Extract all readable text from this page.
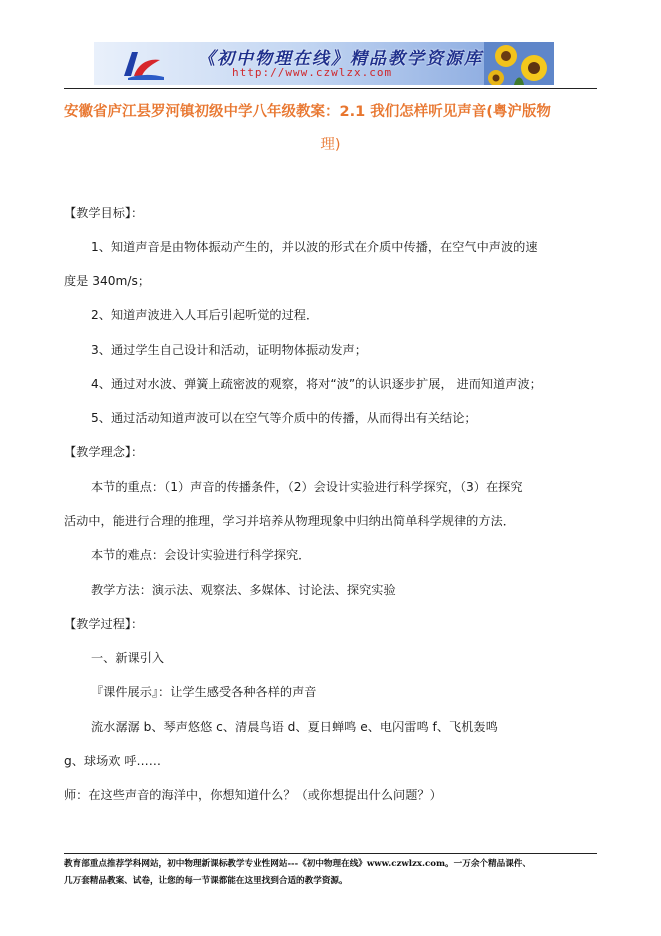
《初中物理在线》精品教学资源库
http://www.czwlzx.com
安徽省庐江县罗河镇初级中学八年级教案：2.1 我们怎样听见声音(粤沪版物
理)
【教学目标】：
1、知道声音是由物体振动产生的，并以波的形式在介质中传播，在空气中声波的速
度是 340m/s；
2、知道声波进入人耳后引起听觉的过程．
3、通过学生自己设计和活动，证明物体振动发声；
4、通过对水波、弹簧上疏密波的观察，将对“波”的认识逐步扩展， 进而知道声波；
5、通过活动知道声波可以在空气等介质中的传播，从而得出有关结论；
【教学理念】：
本节的重点：（1）声音的传播条件，（2）会设计实验进行科学探究，（3）在探究
活动中，能进行合理的推理，学习并培养从物理现象中归纳出简单科学规律的方法．
本节的难点：会设计实验进行科学探究．
教学方法：演示法、观察法、多媒体、讨论法、探究实验
【教学过程】：
一、新课引入
『课件展示』：让学生感受各种各样的声音
流水潺潺 b、琴声悠悠 c、清晨鸟语 d、夏日蝉鸣 e、电闪雷鸣 f、飞机轰鸣
g、球场欢 呼……
师：在这些声音的海洋中，你想知道什么？（或你想提出什么问题？）
教育部重点推荐学科网站，初中物理新课标教学专业性网站---《初中物理在线》www.czwlzx.com。一万余个精品课件、
几万套精品教案、试卷，让您的每一节课都能在这里找到合适的教学资源。
